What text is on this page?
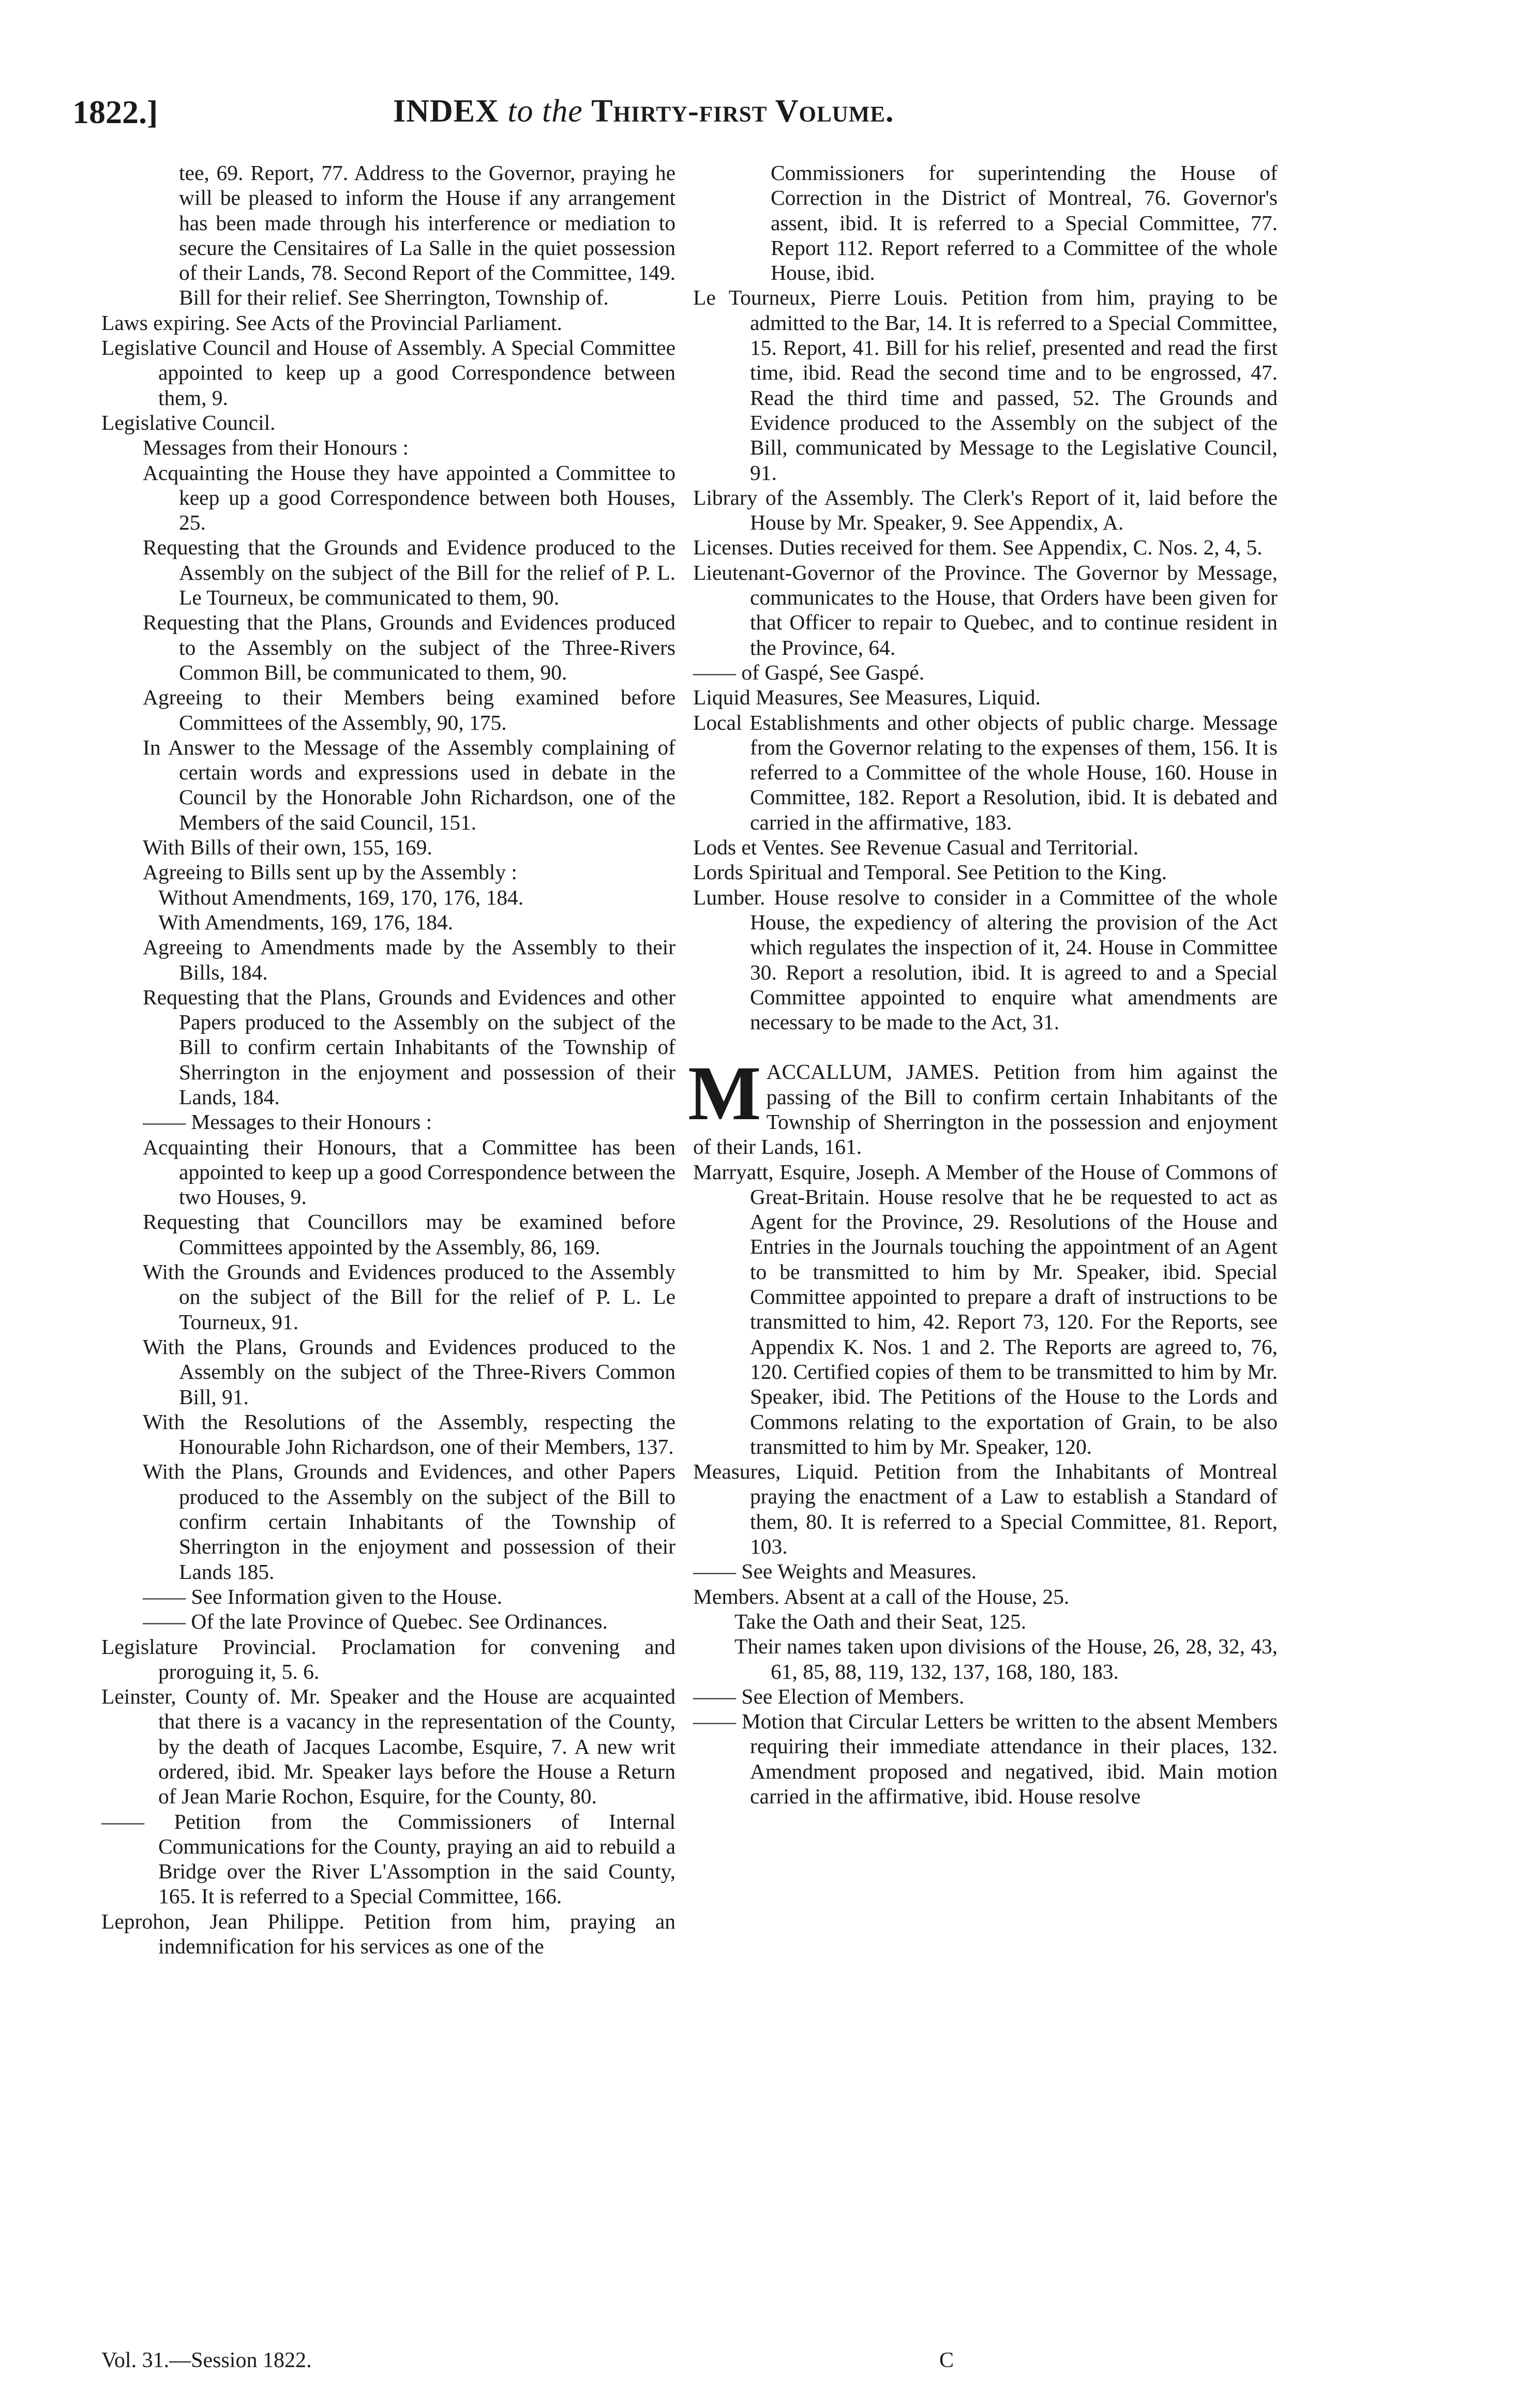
1822.]	INDEX to the Thirty-first Volume.
tee, 69. Report, 77. Address to the Governor, praying he will be pleased to inform the House if any arrangement has been made through his interference or mediation to secure the Censitaires of La Salle in the quiet possession of their Lands, 78. Second Report of the Committee, 149. Bill for their relief. See Sherrington, Township of.
Laws expiring. See Acts of the Provincial Parliament.
Legislative Council and House of Assembly. A Special Committee appointed to keep up a good Correspondence between them, 9.
Legislative Council.
Messages from their Honours :
Acquainting the House they have appointed a Committee to keep up a good Correspondence between both Houses, 25.
Requesting that the Grounds and Evidence produced to the Assembly on the subject of the Bill for the relief of P. L. Le Tourneux, be communicated to them, 90.
Requesting that the Plans, Grounds and Evidences produced to the Assembly on the subject of the Three-Rivers Common Bill, be communicated to them, 90.
Agreeing to their Members being examined before Committees of the Assembly, 90, 175.
In Answer to the Message of the Assembly complaining of certain words and expressions used in debate in the Council by the Honorable John Richardson, one of the Members of the said Council, 151.
With Bills of their own, 155, 169.
Agreeing to Bills sent up by the Assembly :
Without Amendments, 169, 170, 176, 184.
With Amendments, 169, 176, 184.
Agreeing to Amendments made by the Assembly to their Bills, 184.
Requesting that the Plans, Grounds and Evidences and other Papers produced to the Assembly on the subject of the Bill to confirm certain Inhabitants of the Township of Sherrington in the enjoyment and possession of their Lands, 184.
—— Messages to their Honours :
Acquainting their Honours, that a Committee has been appointed to keep up a good Correspondence between the two Houses, 9.
Requesting that Councillors may be examined before Committees appointed by the Assembly, 86, 169.
With the Grounds and Evidences produced to the Assembly on the subject of the Bill for the relief of P. L. Le Tourneux, 91.
With the Plans, Grounds and Evidences produced to the Assembly on the subject of the Three-Rivers Common Bill, 91.
With the Resolutions of the Assembly, respecting the Honourable John Richardson, one of their Members, 137.
With the Plans, Grounds and Evidences, and other Papers produced to the Assembly on the subject of the Bill to confirm certain Inhabitants of the Township of Sherrington in the enjoyment and possession of their Lands 185.
—— See Information given to the House.
—— Of the late Province of Quebec. See Ordinances.
Legislature Provincial. Proclamation for convening and proroguing it, 5. 6.
Leinster, County of. Mr. Speaker and the House are acquainted that there is a vacancy in the representation of the County, by the death of Jacques Lacombe, Esquire, 7. A new writ ordered, ibid. Mr. Speaker lays before the House a Return of Jean Marie Rochon, Esquire, for the County, 80.
—— Petition from the Commissioners of Internal Communications for the County, praying an aid to rebuild a Bridge over the River L'Assomption in the said County, 165. It is referred to a Special Committee, 166.
Leprohon, Jean Philippe. Petition from him, praying an indemnification for his services as one of the
Commissioners for superintending the House of Correction in the District of Montreal, 76. Governor's assent, ibid. It is referred to a Special Committee, 77. Report 112. Report referred to a Committee of the whole House, ibid.
Le Tourneux, Pierre Louis. Petition from him, praying to be admitted to the Bar, 14. It is referred to a Special Committee, 15. Report, 41. Bill for his relief, presented and read the first time, ibid. Read the second time and to be engrossed, 47. Read the third time and passed, 52. The Grounds and Evidence produced to the Assembly on the subject of the Bill, communicated by Message to the Legislative Council, 91.
Library of the Assembly. The Clerk's Report of it, laid before the House by Mr. Speaker, 9. See Appendix, A.
Licenses. Duties received for them. See Appendix, C. Nos. 2, 4, 5.
Lieutenant-Governor of the Province. The Governor by Message, communicates to the House, that Orders have been given for that Officer to repair to Quebec, and to continue resident in the Province, 64.
—— of Gaspé, See Gaspé.
Liquid Measures, See Measures, Liquid.
Local Establishments and other objects of public charge. Message from the Governor relating to the expenses of them, 156. It is referred to a Committee of the whole House, 160. House in Committee, 182. Report a Resolution, ibid. It is debated and carried in the affirmative, 183.
Lods et Ventes. See Revenue Casual and Territorial.
Lords Spiritual and Temporal. See Petition to the King.
Lumber. House resolve to consider in a Committee of the whole House, the expediency of altering the provision of the Act which regulates the inspection of it, 24. House in Committee 30. Report a resolution, ibid. It is agreed to and a Special Committee appointed to enquire what amendments are necessary to be made to the Act, 31.
MACCALLUM, JAMES. Petition from him against the passing of the Bill to confirm certain Inhabitants of the Township of Sherrington in the possession and enjoyment of their Lands, 161.
Marryatt, Esquire, Joseph. A Member of the House of Commons of Great-Britain. House resolve that he be requested to act as Agent for the Province, 29. Resolutions of the House and Entries in the Journals touching the appointment of an Agent to be transmitted to him by Mr. Speaker, ibid. Special Committee appointed to prepare a draft of instructions to be transmitted to him, 42. Report 73, 120. For the Reports, see Appendix K. Nos. 1 and 2. The Reports are agreed to, 76, 120. Certified copies of them to be transmitted to him by Mr. Speaker, ibid. The Petitions of the House to the Lords and Commons relating to the exportation of Grain, to be also transmitted to him by Mr. Speaker, 120.
Measures, Liquid. Petition from the Inhabitants of Montreal praying the enactment of a Law to establish a Standard of them, 80. It is referred to a Special Committee, 81. Report, 103.
—— See Weights and Measures.
Members. Absent at a call of the House, 25.
Take the Oath and their Seat, 125.
Their names taken upon divisions of the House, 26, 28, 32, 43, 61, 85, 88, 119, 132, 137, 168, 180, 183.
—— See Election of Members.
—— Motion that Circular Letters be written to the absent Members requiring their immediate attendance in their places, 132. Amendment proposed and negatived, ibid. Main motion carried in the affirmative, ibid. House resolve
Vol. 31.—Session 1822.	C
